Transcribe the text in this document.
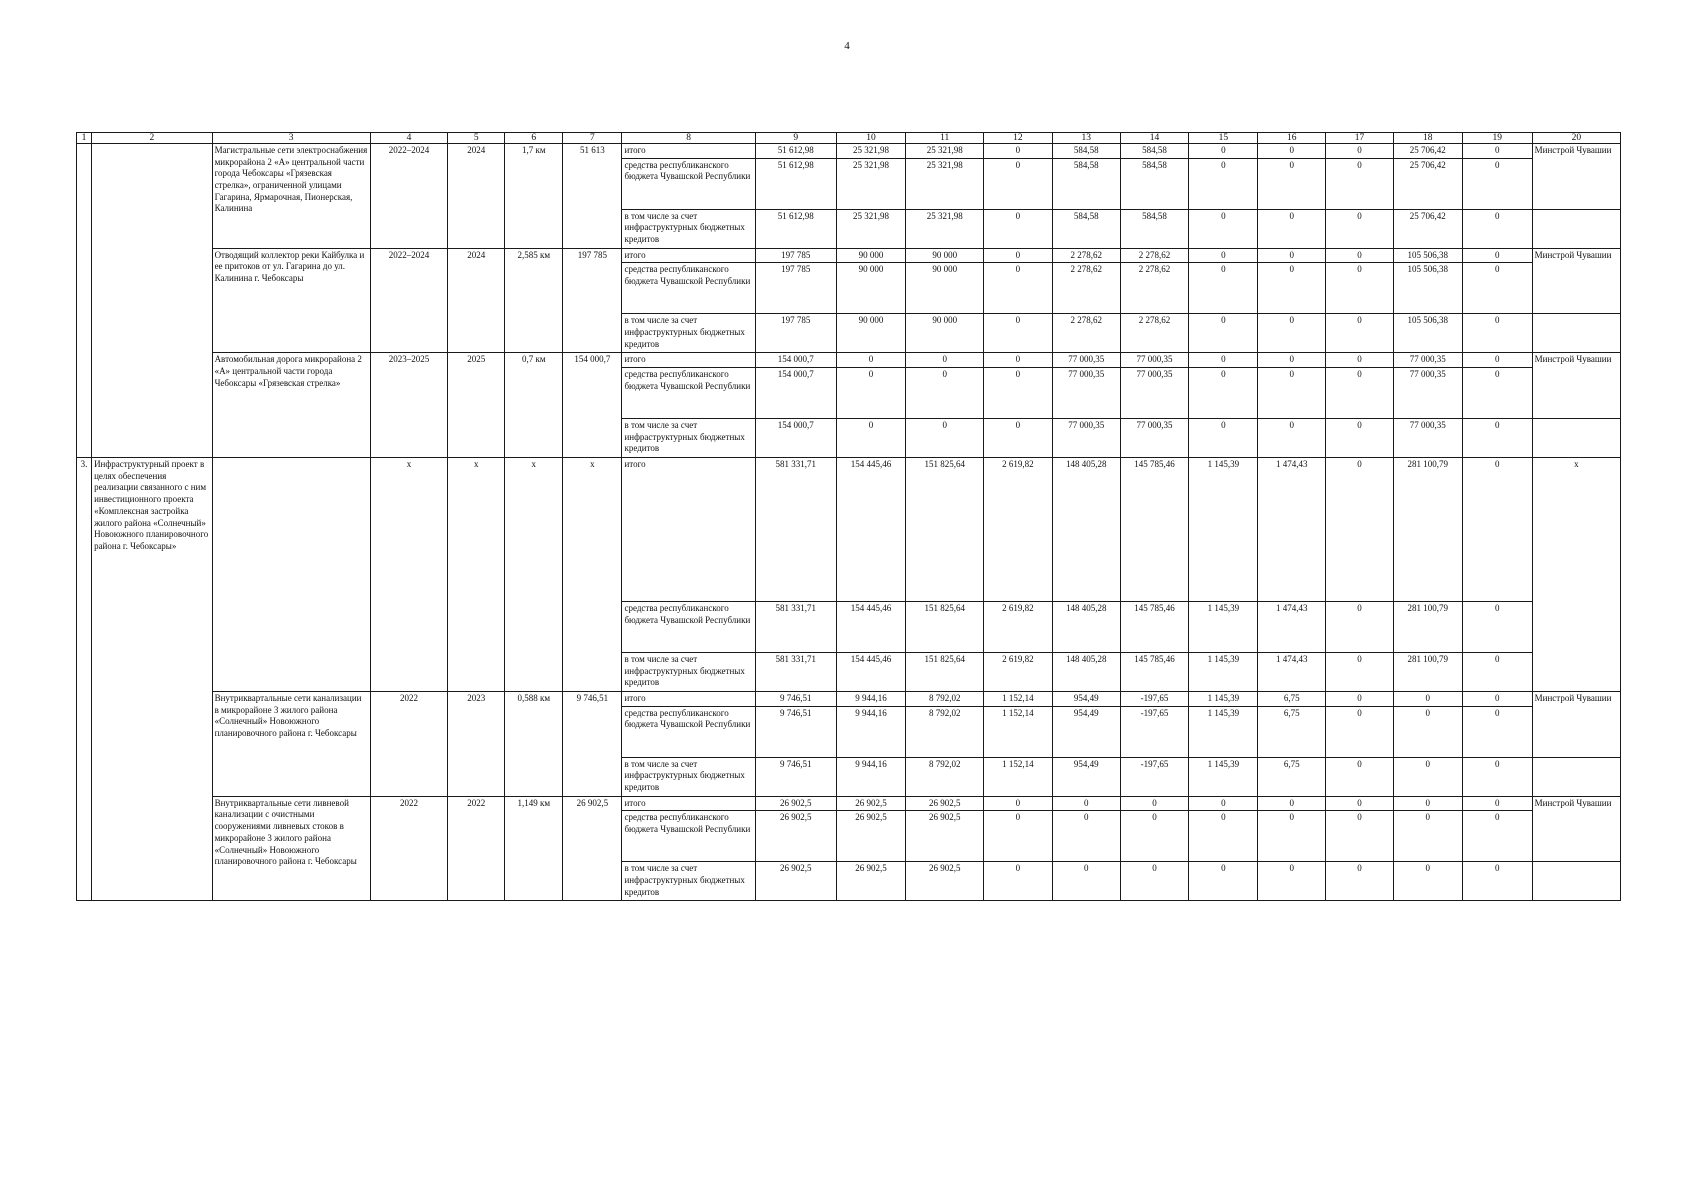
4
1	2	3	4	5	6	7	8	9	10	11	12	13	14	15	16	17	18	19	20
		Магистральные сети электроснабжения микрорайона 2 «А» центральной части города Чебоксары «Грязевская стрелка», ограниченной улицами Гагарина, Ярмарочная, Пионерская, Калинина	2022–2024	2024	1,7 км	51 613	итого	51 612,98	25 321,98	25 321,98	0	584,58	584,58	0	0	0	25 706,42	0	Минстрой Чувашии
							средства республиканского бюджета Чувашской Республики	51 612,98	25 321,98	25 321,98	0	584,58	584,58	0	0	0	25 706,42	0	
							в том числе за счет инфраструктурных бюджетных кредитов	51 612,98	25 321,98	25 321,98	0	584,58	584,58	0	0	0	25 706,42	0	
		Отводящий коллектор реки Кайбулка и ее притоков от ул. Гагарина до ул. Калинина г. Чебоксары	2022–2024	2024	2,585 км	197 785	итого	197 785	90 000	90 000	0	2 278,62	2 278,62	0	0	0	105 506,38	0	Минстрой Чувашии
							средства республиканского бюджета Чувашской Республики	197 785	90 000	90 000	0	2 278,62	2 278,62	0	0	0	105 506,38	0	
							в том числе за счет инфраструктурных бюджетных кредитов	197 785	90 000	90 000	0	2 278,62	2 278,62	0	0	0	105 506,38	0	
		Автомобильная дорога микрорайона 2 «А» центральной части города Чебоксары «Грязевская стрелка»	2023–2025	2025	0,7 км	154 000,7	итого	154 000,7	0	0	0	77 000,35	77 000,35	0	0	0	77 000,35	0	Минстрой Чувашии
							средства республиканского бюджета Чувашской Республики	154 000,7	0	0	0	77 000,35	77 000,35	0	0	0	77 000,35	0	
							в том числе за счет инфраструктурных бюджетных кредитов	154 000,7	0	0	0	77 000,35	77 000,35	0	0	0	77 000,35	0	
3.	Инфраструктурный проект в целях обеспечения реализации связанного с ним инвестиционного проекта «Комплексная застройка жилого района «Солнечный» Новоюжного планировочного района г. Чебоксары»		x	x	x	x	итого	581 331,71	154 445,46	151 825,64	2 619,82	148 405,28	145 785,46	1 145,39	1 474,43	0	281 100,79	0	x
							средства республиканского бюджета Чувашской Республики	581 331,71	154 445,46	151 825,64	2 619,82	148 405,28	145 785,46	1 145,39	1 474,43	0	281 100,79	0	
							в том числе за счет инфраструктурных бюджетных кредитов	581 331,71	154 445,46	151 825,64	2 619,82	148 405,28	145 785,46	1 145,39	1 474,43	0	281 100,79	0	
		Внутриквартальные сети канализации в микрорайоне 3 жилого района «Солнечный» Новоюжного планировочного района г. Чебоксары	2022	2023	0,588 км	9 746,51	итого	9 746,51	9 944,16	8 792,02	1 152,14	954,49	-197,65	1 145,39	6,75	0	0	0	Минстрой Чувашии
							средства республиканского бюджета Чувашской Республики	9 746,51	9 944,16	8 792,02	1 152,14	954,49	-197,65	1 145,39	6,75	0	0	0	
							в том числе за счет инфраструктурных бюджетных кредитов	9 746,51	9 944,16	8 792,02	1 152,14	954,49	-197,65	1 145,39	6,75	0	0	0	
		Внутриквартальные сети ливневой канализации с очистными сооружениями ливневых стоков в микрорайоне 3 жилого района «Солнечный» Новоюжного планировочного района г. Чебоксары	2022	2022	1,149 км	26 902,5	итого	26 902,5	26 902,5	26 902,5	0	0	0	0	0	0	0	0	Минстрой Чувашии
							средства республиканского бюджета Чувашской Республики	26 902,5	26 902,5	26 902,5	0	0	0	0	0	0	0	0	
							в том числе за счет инфраструктурных бюджетных кредитов	26 902,5	26 902,5	26 902,5	0	0	0	0	0	0	0	0	
